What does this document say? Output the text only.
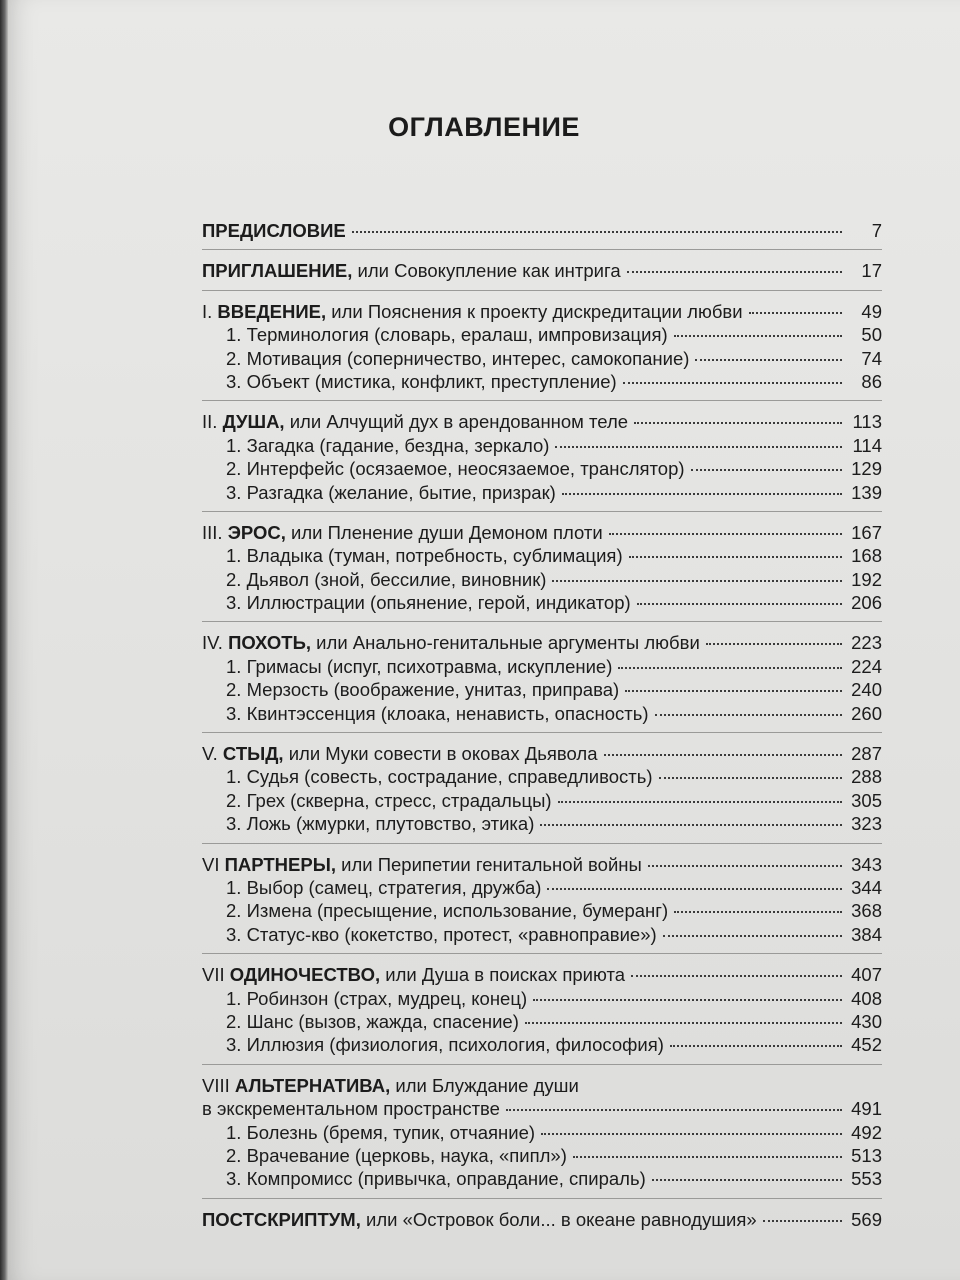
ОГЛАВЛЕНИЕ
ПРЕДИСЛОВИЕ	7
ПРИГЛАШЕНИЕ, или Совокупление как интрига	17
I. ВВЕДЕНИЕ, или Пояснения к проекту дискредитации любви	49
1. Терминология (словарь, ералаш, импровизация)	50
2. Мотивация (соперничество, интерес, самокопание)	74
3. Объект (мистика, конфликт, преступление)	86
II. ДУША, или Алчущий дух в арендованном теле	113
1. Загадка (гадание, бездна, зеркало)	114
2. Интерфейс (осязаемое, неосязаемое, транслятор)	129
3. Разгадка (желание, бытие, призрак)	139
III. ЭРОС, или Пленение души Демоном плоти	167
1. Владыка (туман, потребность, сублимация)	168
2. Дьявол (зной, бессилие, виновник)	192
3. Иллюстрации (опьянение, герой, индикатор)	206
IV. ПОХОТЬ, или Анально-генитальные аргументы любви	223
1. Гримасы (испуг, психотравма, искупление)	224
2. Мерзость (воображение, унитаз, приправа)	240
3. Квинтэссенция (клоака, ненависть, опасность)	260
V. СТЫД, или Муки совести в оковах Дьявола	287
1. Судья (совесть, сострадание, справедливость)	288
2. Грех (скверна, стресс, страдальцы)	305
3. Ложь (жмурки, плутовство, этика)	323
VI ПАРТНЕРЫ, или Перипетии генитальной войны	343
1. Выбор (самец, стратегия, дружба)	344
2. Измена (пресыщение, использование, бумеранг)	368
3. Статус-кво (кокетство, протест, «равноправие»)	384
VII ОДИНОЧЕСТВО, или Душа в поисках приюта	407
1. Робинзон (страх, мудрец, конец)	408
2. Шанс (вызов, жажда, спасение)	430
3. Иллюзия (физиология, психология, философия)	452
VIII АЛЬТЕРНАТИВА, или Блуждание души
в экскрементальном пространстве	491
1. Болезнь (бремя, тупик, отчаяние)	492
2. Врачевание (церковь, наука, «пипл»)	513
3. Компромисс (привычка, оправдание, спираль)	553
ПОСТСКРИПТУМ, или «Островок боли... в океане равнодушия»	569
